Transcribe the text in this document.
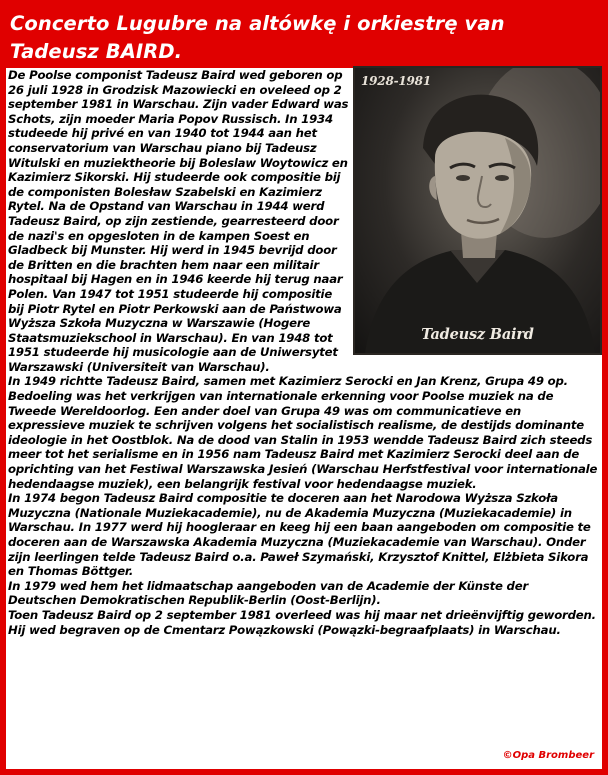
Concerto Lugubre na altówkę i orkiestrę van Tadeusz BAIRD.
1928-1981
Tadeusz Baird

De Poolse componist Tadeusz Baird wed geboren op 26 juli 1928 in Grodzisk Mazowiecki en oveleed op 2 september 1981 in Warschau. Zijn vader Edward was Schots, zijn moeder Maria Popov Russisch. In 1934 studeede hij privé en van 1940 tot 1944 aan het conservatorium van Warschau piano bij Tadeusz Witulski en muziektheorie bij Boleslaw Woytowicz en Kazimierz Sikorski. Hij studeerde ook compositie bij de componisten Bolesław Szabelski en Kazimierz Rytel. Na de Opstand van Warschau in 1944 werd Tadeusz Baird, op zijn zestiende, gearresteerd door de nazi's en opgesloten in de kampen Soest en Gladbeck bij Munster. Hij werd in 1945 bevrijd door de Britten en die brachten hem naar een militair hospitaal bij Hagen en in 1946 keerde hij terug naar Polen. Van 1947 tot 1951 studeerde hij compositie bij Piotr Rytel en Piotr Perkowski aan de Państwowa Wyższa Szkoła Muzyczna w Warszawie (Hogere Staatsmuziekschool in Warschau). En van 1948 tot 1951 studeerde hij musicologie aan de Uniwersytet Warszawski (Universiteit van Warschau).

In 1949 richtte Tadeusz Baird, samen met Kazimierz Serocki en Jan Krenz, Grupa 49 op. Bedoeling was het verkrijgen van internationale erkenning voor Poolse muziek na de Tweede Wereldoorlog. Een ander doel van Grupa 49 was om communicatieve en expressieve muziek te schrijven volgens het socialistisch realisme, de destijds dominante ideologie in het Oostblok. Na de dood van Stalin in 1953 wendde Tadeusz Baird zich steeds meer tot het serialisme en in 1956 nam Tadeusz Baird met Kazimierz Serocki deel aan de oprichting van het Festiwal Warszawska Jesień (Warschau Herfstfestival voor internationale hedendaagse muziek), een belangrijk festival voor hedendaagse muziek.

In 1974 begon Tadeusz Baird compositie te doceren aan het Narodowa Wyższa Szkoła Muzyczna (Nationale Muziekacademie), nu de Akademia Muzyczna (Muziekacademie) in Warschau. In 1977 werd hij hoogleraar en keeg hij een baan aangeboden om compositie te doceren aan de Warszawska Akademia Muzyczna (Muziekacademie van Warschau). Onder zijn leerlingen telde Tadeusz Baird o.a. Paweł Szymański, Krzysztof Knittel, Elżbieta Sikora en Thomas Böttger.

In 1979 wed hem het lidmaatschap aangeboden van de Academie der Künste der Deutschen Demokratischen Republik-Berlin (Oost-Berlijn).

Toen Tadeusz Baird op 2 september 1981 overleed was hij maar net drieënvijftig geworden. Hij wed begraven op de Cmentarz Powązkowski (Powązki-begraafplaats) in Warschau.

©Opa Brombeer
